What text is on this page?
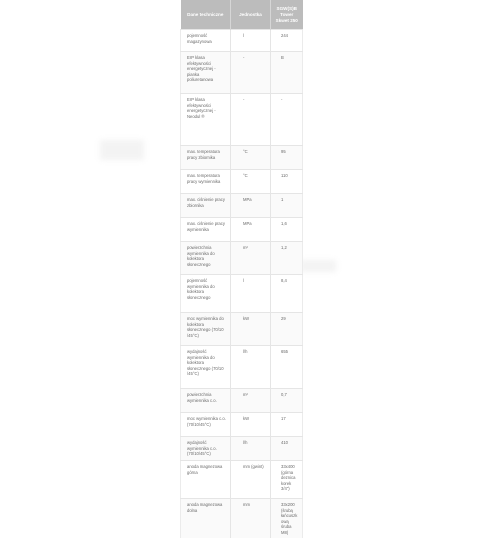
Dane techniczne	Jednostka	SGW(S)B Tower Skwet 250
pojemność magazynowa	l	244
ErP klasa efektywności energetycznej - pianka poliuretanowa	-	B
ErP klasa efektywności energetycznej - Neodul ®	-	-
max. temperatura pracy zbiornika	°C	95
max. temperatura pracy wymiennika	°C	110
max. ciśnienie pracy zbiornika	MPa	1
max. ciśnienie pracy wymiennika	MPa	1,6
powierzchnia wymiennika do kolektora słonecznego	m²	1,2
pojemność wymiennika do kolektora słonecznego	l	8,4
moc wymiennika do kolektora słonecznego (70/10 /45°C)	kW	29
wydajność wymiennika do kolektora słonecznego (70/10 /45°C)	l/h	655
powierzchnia wymiennika c.o.	m²	0,7
moc wymiennika c.o. (70/10/45°C)	kW	17
wydajność wymiennika c.o. (70/10/45°C)	l/h	410
anoda magnezowa górna	mm (gwint)	33x400 (górna deznica korek 3/4")
anoda magnezowa dolna	mm	33x200 (śrubą łańcuszkową śruba M8)
